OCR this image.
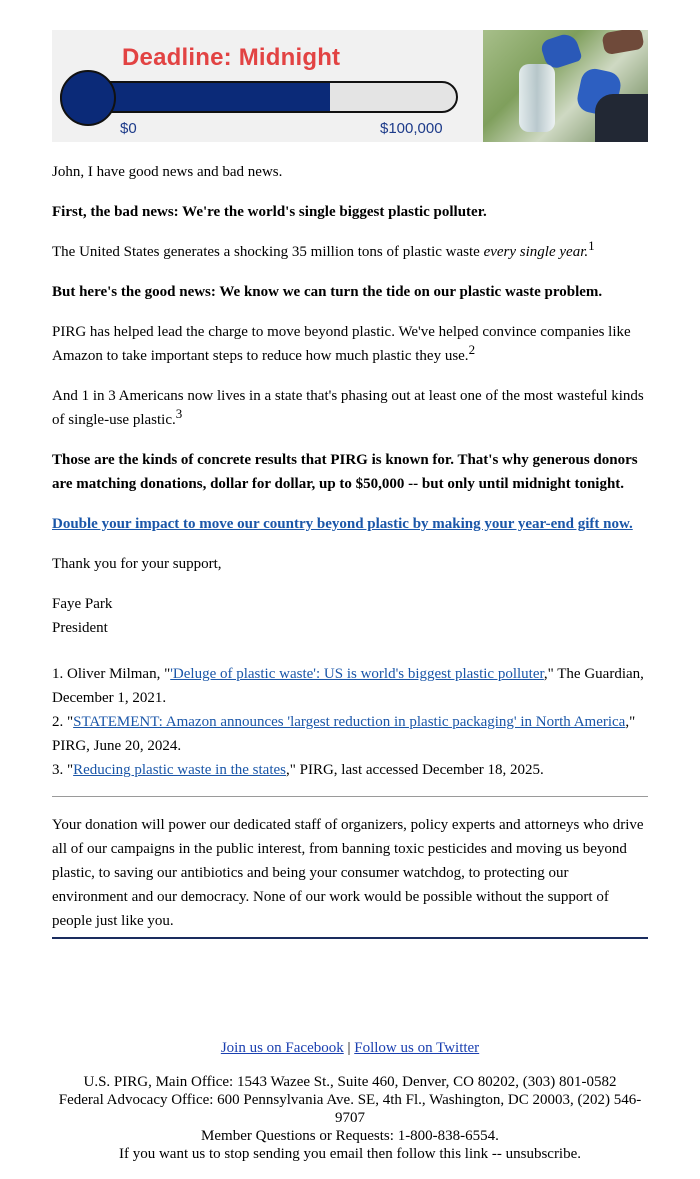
Deadline: Midnight
$0	$100,000

John, I have good news and bad news.

First, the bad news: We're the world's single biggest plastic polluter.

The United States generates a shocking 35 million tons of plastic waste every single year.$^1$

But here's the good news: We know we can turn the tide on our plastic waste problem.

PIRG has helped lead the charge to move beyond plastic. We've helped convince companies like Amazon to take important steps to reduce how much plastic they use.$^2$

And 1 in 3 Americans now lives in a state that's phasing out at least one of the most wasteful kinds of single-use plastic.$^3$

Those are the kinds of concrete results that PIRG is known for. That's why generous donors are matching donations, dollar for dollar, up to $50,000 -- but only until midnight tonight.

Double your impact to move our country beyond plastic by making your year-end gift now.

Thank you for your support,

Faye Park
President

1. Oliver Milman, "'Deluge of plastic waste': US is world's biggest plastic polluter," The Guardian, December 1, 2021.

2. "STATEMENT: Amazon announces 'largest reduction in plastic packaging' in North America," PIRG, June 20, 2024.

3. "Reducing plastic waste in the states," PIRG, last accessed December 18, 2025.

Your donation will power our dedicated staff of organizers, policy experts and attorneys who drive all of our campaigns in the public interest, from banning toxic pesticides and moving us beyond plastic, to saving our antibiotics and being your consumer watchdog, to protecting our environment and our democracy. None of our work would be possible without the support of people just like you.

Join us on Facebook | Follow us on Twitter
U.S. PIRG, Main Office: 1543 Wazee St., Suite 460, Denver, CO 80202, (303) 801-0582
Federal Advocacy Office: 600 Pennsylvania Ave. SE, 4th Fl., Washington, DC 20003, (202) 546-9707
Member Questions or Requests: 1-800-838-6554.
If you want us to stop sending you email then follow this link -- unsubscribe.
